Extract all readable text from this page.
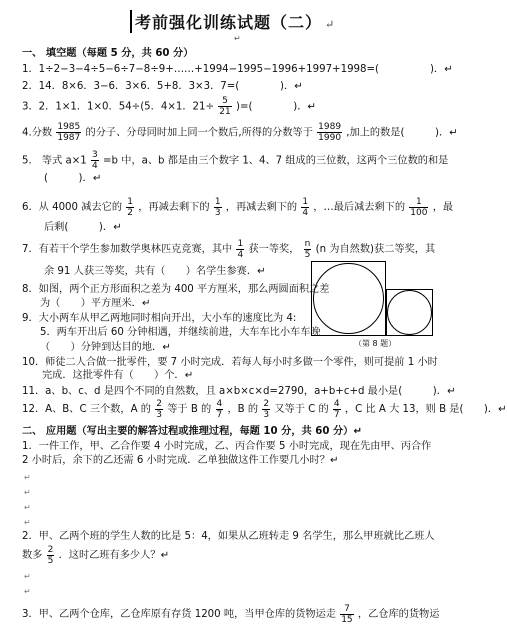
考前强化训练试题（二） ↵
↵
一、 填空题（每题 5 分，共 60 分）
1．1÷2−3−4÷5−6÷7−8÷9+……+1994−1995−1996+1997+1998=(　　　　　)．↵
2．14．8×6．3−6．3×6．5+8．3×3．7=(　　　　)．↵
3．2．1×1．1×0．54÷(5．4×1．$21\div \frac{5}{21}$ )=(　　　　)．↵
4.分数 $\frac{1985}{1987}$ 的分子、分母同时加上同一个数后,所得的分数等于 $\frac{1989}{1990}$ ,加上的数是(　　　)．↵
5.　等式 $a\times 1 \frac{3}{4} =b$ 中，a、b 都是由三个数字 1、4、7 组成的三位数，这两个三位数的和是
(　　　)．↵
6．从 4000 减去它的 $\frac{1}{2}$ ，再减去剩下的 $\frac{1}{3}$ ，再减去剩下的 $\frac{1}{4}$ ，…最后减去剩下的 $\frac{1}{100}$ ，最
后剩(　　　)．↵
7．有若干个学生参加数学奥林匹克竞赛，其中 $\frac{1}{4}$ 获一等奖， $\frac{n}{5} (n$ 为自然数)获二等奖，其
余 91 人获三等奖，共有（　　）名学生参赛．↵
8．如图，两个正方形面积之差为 400 平方厘米，那么两圆面积之差
为（　　）平方厘米．↵
9．大小两车从甲乙两地同时相向开出，大小车的速度比为 4:
5．两车开出后 60 分钟相遇，并继续前进，大车车比小车车晚
（　　）分钟到达目的地．↵	（第 8 题）
10．师徒二人合做一批零件，要 7 小时完成．若每人每小时多做一个零件，则可提前 1 小时
完成．这批零件有（　　）个．↵
11．a、b、c、d 是四个不同的自然数，且 a×b×c×d=2790，a+b+c+d 最小是(　　　)．↵
12．A、B、C 三个数，A 的 $\frac{2}{3}$ 等于 B 的 $\frac{4}{7}$ ，B 的 $\frac{2}{3}$ 又等于 C 的 $\frac{4}{7}$ ，C 比 A 大 13，则 B 是(　　)．↵
二、 应用题（写出主要的解答过程或推理过程，每题 10 分，共 60 分）↵
1．一件工作，甲、乙合作要 4 小时完成，乙、丙合作要 5 小时完成，现在先由甲、丙合作
2 小时后，余下的乙还需 6 小时完成．乙单独做这件工作要几小时？↵
↵
↵
↵
↵
2．甲、乙两个班的学生人数的比是 5：4，如果从乙班转走 9 名学生，那么甲班就比乙班人
数多 $\frac{2}{5}$ ．这时乙班有多少人？↵
↵
↵
3．甲、乙两个仓库，乙仓库原有存货 1200 吨，当甲仓库的货物运走 $\frac{7}{15}$ ，乙仓库的货物运
